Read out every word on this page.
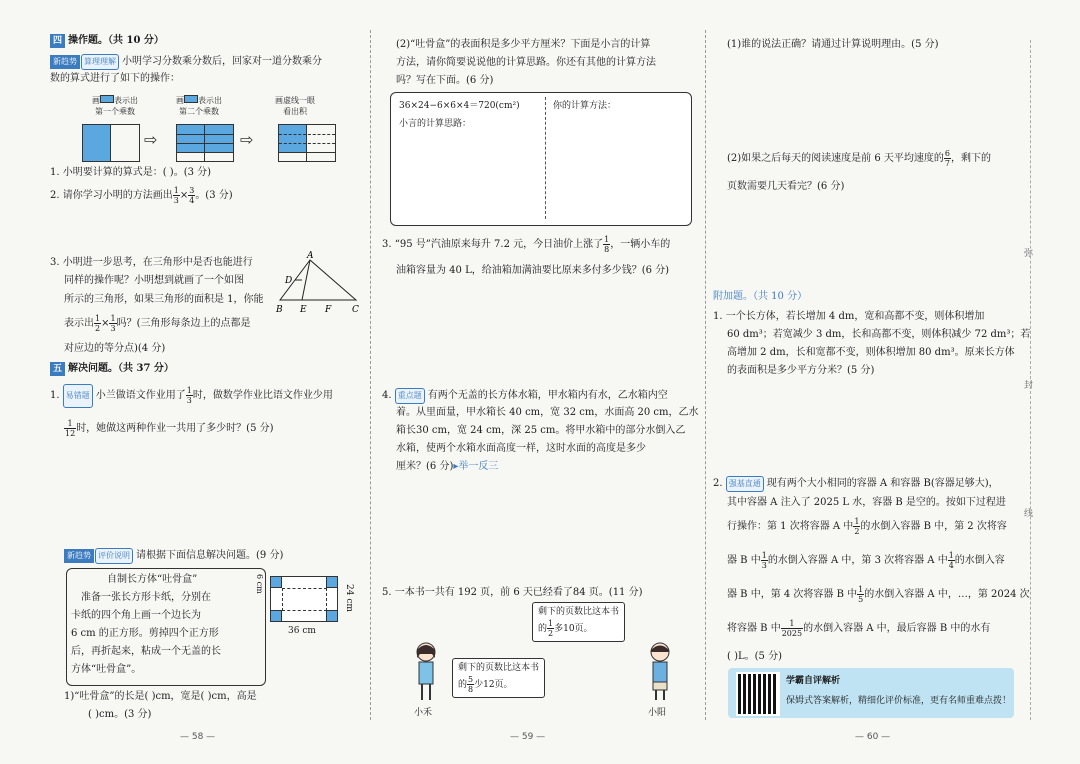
四 操作题。（共 10 分）
新趋势 算理理解 小明学习分数乘分数后，回家对一道分数乘分
数的算式进行了如下的操作：
画 表示出
第一个乘数
画 表示出
第二个乘数
画虚线一眼
看出积
⇨	⇨
1. 小明要计算的算式是：( )。(3 分)
2. 请你学习小明的方法画出 $\frac{1}{3} \times \frac{3}{4}$ 。(3 分)
3. 小明进一步思考，在三角形中是否也能进行
同样的操作呢？小明想到就画了一个如图
所示的三角形，如果三角形的面积是 1，你能
表示出 $\frac{1}{2} \times \frac{1}{3}$ 吗？(三角形每条边上的点都是
对应边的等分点)(4 分)
A
D
B E F C
五 解决问题。（共 37 分）
1. 易错题 小兰做语文作业用了 $\frac{1}{3}$ 时，做数学作业比语文作业少用
$\frac{1}{12}$ 时，她做这两种作业一共用了多少时？(5 分)
新趋势 评价说明 请根据下面信息解决问题。(9 分)
自制长方体“吐骨盒”
准备一张长方形卡纸，分别在
卡纸的四个角上画一个边长为
6 cm 的正方形。剪掉四个正方形
后，再折起来，粘成一个无盖的长
方体“吐骨盒”。
6 cm
24 cm
36 cm
1)“吐骨盒”的长是( )cm，宽是( )cm，高是
( )cm。(3 分)
— 58 —
(2)“吐骨盒”的表面积是多少平方厘米？下面是小言的计算
方法，请你简要说说他的计算思路。你还有其他的计算方法
吗？写在下面。(6 分)
36×24−6×6×4＝720(cm²)
小言的计算思路：
你的计算方法：
3. “95 号”汽油原来每升 7.2 元，今日油价上涨了 $\frac{1}{8}$ ，一辆小车的
油箱容量为 40 L，给油箱加满油要比原来多付多少钱？(6 分)
4. 重点题 有两个无盖的长方体水箱，甲水箱内有水，乙水箱内空
着。从里面量，甲水箱长 40 cm，宽 32 cm，水面高 20 cm，乙水
箱长30 cm，宽 24 cm，深 25 cm。将甲水箱中的部分水倒入乙
水箱，使两个水箱水面高度一样，这时水面的高度是多少
厘米？(6 分)▸举一反三
5. 一本书一共有 192 页，前 6 天已经看了84 页。(11 分)
剩下的页数比这本书
的 $\frac{1}{2}$ 多10页。
剩下的页数比这本书
的 $\frac{5}{8}$ 少12页。
小禾	小阳
— 59 —
(1)谁的说法正确？请通过计算说明理由。(5 分)
(2)如果之后每天的阅读速度是前 6 天平均速度的 $\frac{6}{7}$ ，剩下的
页数需要几天看完？(6 分)
附加题。（共 10 分）
1. 一个长方体，若长增加 4 dm，宽和高都不变，则体积增加
60 dm³；若宽减少 3 dm，长和高都不变，则体积减少 72 dm³；若
高增加 2 dm，长和宽都不变，则体积增加 80 dm³。原来长方体
的表面积是多少平方分米？(5 分)
2. 强基直通 现有两个大小相同的容器 A 和容器 B(容器足够大)，
其中容器 A 注入了 2025 L 水，容器 B 是空的。按如下过程进
行操作：第 1 次将容器 A 中 $\frac{1}{2}$ 的水倒入容器 B 中，第 2 次将容
器 B 中 $\frac{1}{3}$ 的水倒入容器 A 中，第 3 次将容器 A 中 $\frac{1}{4}$ 的水倒入容
器 B 中，第 4 次将容器 B 中 $\frac{1}{5}$ 的水倒入容器 A 中，…，第 2024 次
将容器 B 中 $\frac{1}{2025}$ 的水倒入容器 A 中，最后容器 B 中的水有
( )L。(5 分)
— 60 —
学霸自评解析
保姆式答案解析，精细化评价标准，更有名师重难点拨！
弥
封
线
